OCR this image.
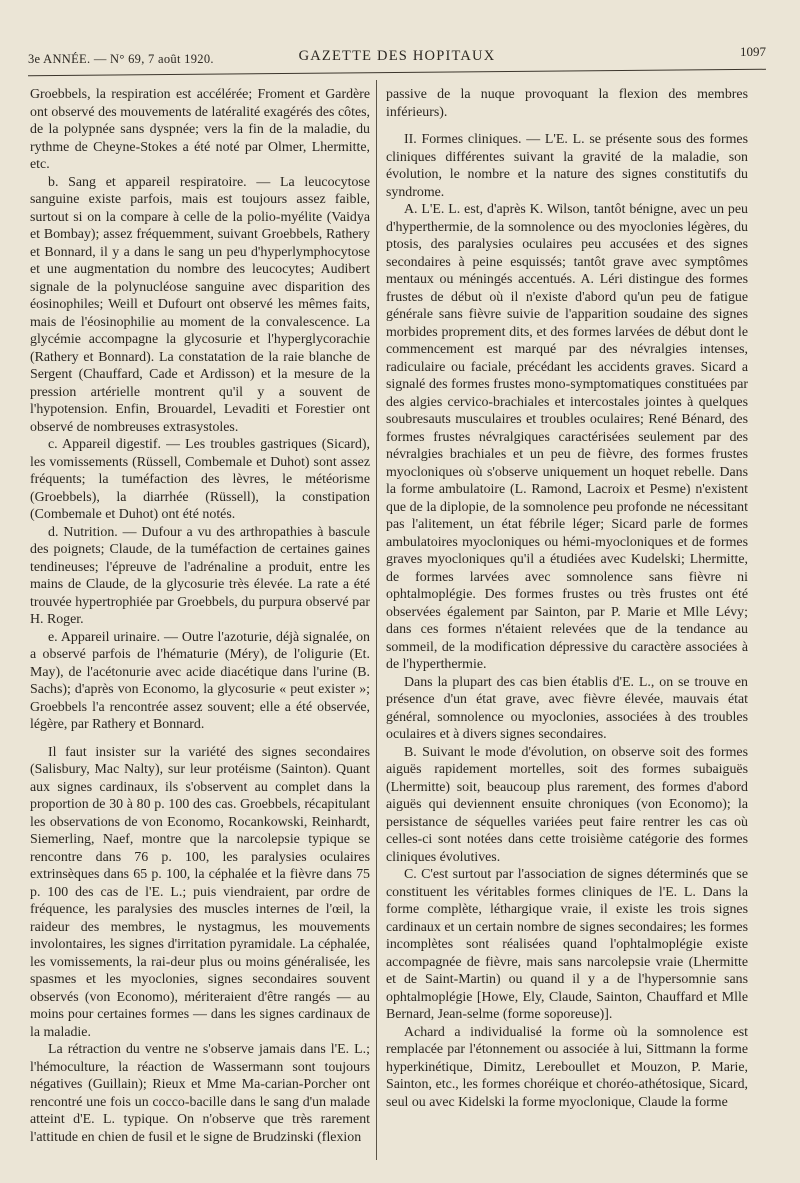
3e ANNÉE. — N° 69, 7 août 1920.	GAZETTE DES HOPITAUX	1097

Groebbels, la respiration est accélérée; Froment et Gardère ont observé des mouvements de latéralité exagérés des côtes, de la polypnée sans dyspnée; vers la fin de la maladie, du rythme de Cheyne-Stokes a été noté par Olmer, Lhermitte, etc.

b. Sang et appareil respiratoire. — La leucocytose sanguine existe parfois, mais est toujours assez faible, surtout si on la compare à celle de la polio-myélite (Vaidya et Bombay); assez fréquemment, suivant Groebbels, Rathery et Bonnard, il y a dans le sang un peu d'hyperlymphocytose et une augmentation du nombre des leucocytes; Audibert signale de la polynucléose sanguine avec disparition des éosinophiles; Weill et Dufourt ont observé les mêmes faits, mais de l'éosinophilie au moment de la convalescence. La glycémie accompagne la glycosurie et l'hyperglycorachie (Rathery et Bonnard). La constatation de la raie blanche de Sergent (Chauffard, Cade et Ardisson) et la mesure de la pression artérielle montrent qu'il y a souvent de l'hypotension. Enfin, Brouardel, Levaditi et Forestier ont observé de nombreuses extrasystoles.

c. Appareil digestif. — Les troubles gastriques (Sicard), les vomissements (Rüssell, Combemale et Duhot) sont assez fréquents; la tuméfaction des lèvres, le météorisme (Groebbels), la diarrhée (Rüssell), la constipation (Combemale et Duhot) ont été notés.

d. Nutrition. — Dufour a vu des arthropathies à bascule des poignets; Claude, de la tuméfaction de certaines gaines tendineuses; l'épreuve de l'adrénaline a produit, entre les mains de Claude, de la glycosurie très élevée. La rate a été trouvée hypertrophiée par Groebbels, du purpura observé par H. Roger.

e. Appareil urinaire. — Outre l'azoturie, déjà signalée, on a observé parfois de l'hématurie (Méry), de l'oligurie (Et. May), de l'acétonurie avec acide diacétique dans l'urine (B. Sachs); d'après von Economo, la glycosurie « peut exister »; Groebbels l'a rencontrée assez souvent; elle a été observée, légère, par Rathery et Bonnard.

Il faut insister sur la variété des signes secondaires (Salisbury, Mac Nalty), sur leur protéisme (Sainton). Quant aux signes cardinaux, ils s'observent au complet dans la proportion de 30 à 80 p. 100 des cas. Groebbels, récapitulant les observations de von Economo, Rocankowski, Reinhardt, Siemerling, Naef, montre que la narcolepsie typique se rencontre dans 76 p. 100, les paralysies oculaires extrinsèques dans 65 p. 100, la céphalée et la fièvre dans 75 p. 100 des cas de l'E. L.; puis viendraient, par ordre de fréquence, les paralysies des muscles internes de l'œil, la raideur des membres, le nystagmus, les mouvements involontaires, les signes d'irritation pyramidale. La céphalée, les vomissements, la rai-deur plus ou moins généralisée, les spasmes et les myoclonies, signes secondaires souvent observés (von Economo), mériteraient d'être rangés — au moins pour certaines formes — dans les signes cardinaux de la maladie.

La rétraction du ventre ne s'observe jamais dans l'E. L.; l'hémoculture, la réaction de Wassermann sont toujours négatives (Guillain); Rieux et Mme Ma-carian-Porcher ont rencontré une fois un cocco-bacille dans le sang d'un malade atteint d'E. L. typique. On n'observe que très rarement l'attitude en chien de fusil et le signe de Brudzinski (flexion

passive de la nuque provoquant la flexion des membres inférieurs).

II. Formes cliniques. — L'E. L. se présente sous des formes cliniques différentes suivant la gravité de la maladie, son évolution, le nombre et la nature des signes constitutifs du syndrome.

A. L'E. L. est, d'après K. Wilson, tantôt bénigne, avec un peu d'hyperthermie, de la somnolence ou des myoclonies légères, du ptosis, des paralysies oculaires peu accusées et des signes secondaires à peine esquissés; tantôt grave avec symptômes mentaux ou méningés accentués. A. Léri distingue des formes frustes de début où il n'existe d'abord qu'un peu de fatigue générale sans fièvre suivie de l'apparition soudaine des signes morbides proprement dits, et des formes larvées de début dont le commencement est marqué par des névralgies intenses, radiculaire ou faciale, précédant les accidents graves. Sicard a signalé des formes frustes mono-symptomatiques constituées par des algies cervico-brachiales et intercostales jointes à quelques soubresauts musculaires et troubles oculaires; René Bénard, des formes frustes névralgiques caractérisées seulement par des névralgies brachiales et un peu de fièvre, des formes frustes myocloniques où s'observe uniquement un hoquet rebelle. Dans la forme ambulatoire (L. Ramond, Lacroix et Pesme) n'existent que de la diplopie, de la somnolence peu profonde ne nécessitant pas l'alitement, un état fébrile léger; Sicard parle de formes ambulatoires myocloniques ou hémi-myocloniques et de formes graves myocloniques qu'il a étudiées avec Kudelski; Lhermitte, de formes larvées avec somnolence sans fièvre ni ophtalmoplégie. Des formes frustes ou très frustes ont été observées également par Sainton, par P. Marie et Mlle Lévy; dans ces formes n'étaient relevées que de la tendance au sommeil, de la modification dépressive du caractère associées à de l'hyperthermie.

Dans la plupart des cas bien établis d'E. L., on se trouve en présence d'un état grave, avec fièvre élevée, mauvais état général, somnolence ou myoclonies, associées à des troubles oculaires et à divers signes secondaires.

B. Suivant le mode d'évolution, on observe soit des formes aiguës rapidement mortelles, soit des formes subaiguës (Lhermitte) soit, beaucoup plus rarement, des formes d'abord aiguës qui deviennent ensuite chroniques (von Economo); la persistance de séquelles variées peut faire rentrer les cas où celles-ci sont notées dans cette troisième catégorie des formes cliniques évolutives.

C. C'est surtout par l'association de signes déterminés que se constituent les véritables formes cliniques de l'E. L. Dans la forme complète, léthargique vraie, il existe les trois signes cardinaux et un certain nombre de signes secondaires; les formes incomplètes sont réalisées quand l'ophtalmoplégie existe accompagnée de fièvre, mais sans narcolepsie vraie (Lhermitte et de Saint-Martin) ou quand il y a de l'hypersomnie sans ophtalmoplégie [Howe, Ely, Claude, Sainton, Chauffard et Mlle Bernard, Jean-selme (forme soporeuse)].

Achard a individualisé la forme où la somnolence est remplacée par l'étonnement ou associée à lui, Sittmann la forme hyperkinétique, Dimitz, Lereboullet et Mouzon, P. Marie, Sainton, etc., les formes choréique et choréo-athétosique, Sicard, seul ou avec Kidelski la forme myoclonique, Claude la forme
